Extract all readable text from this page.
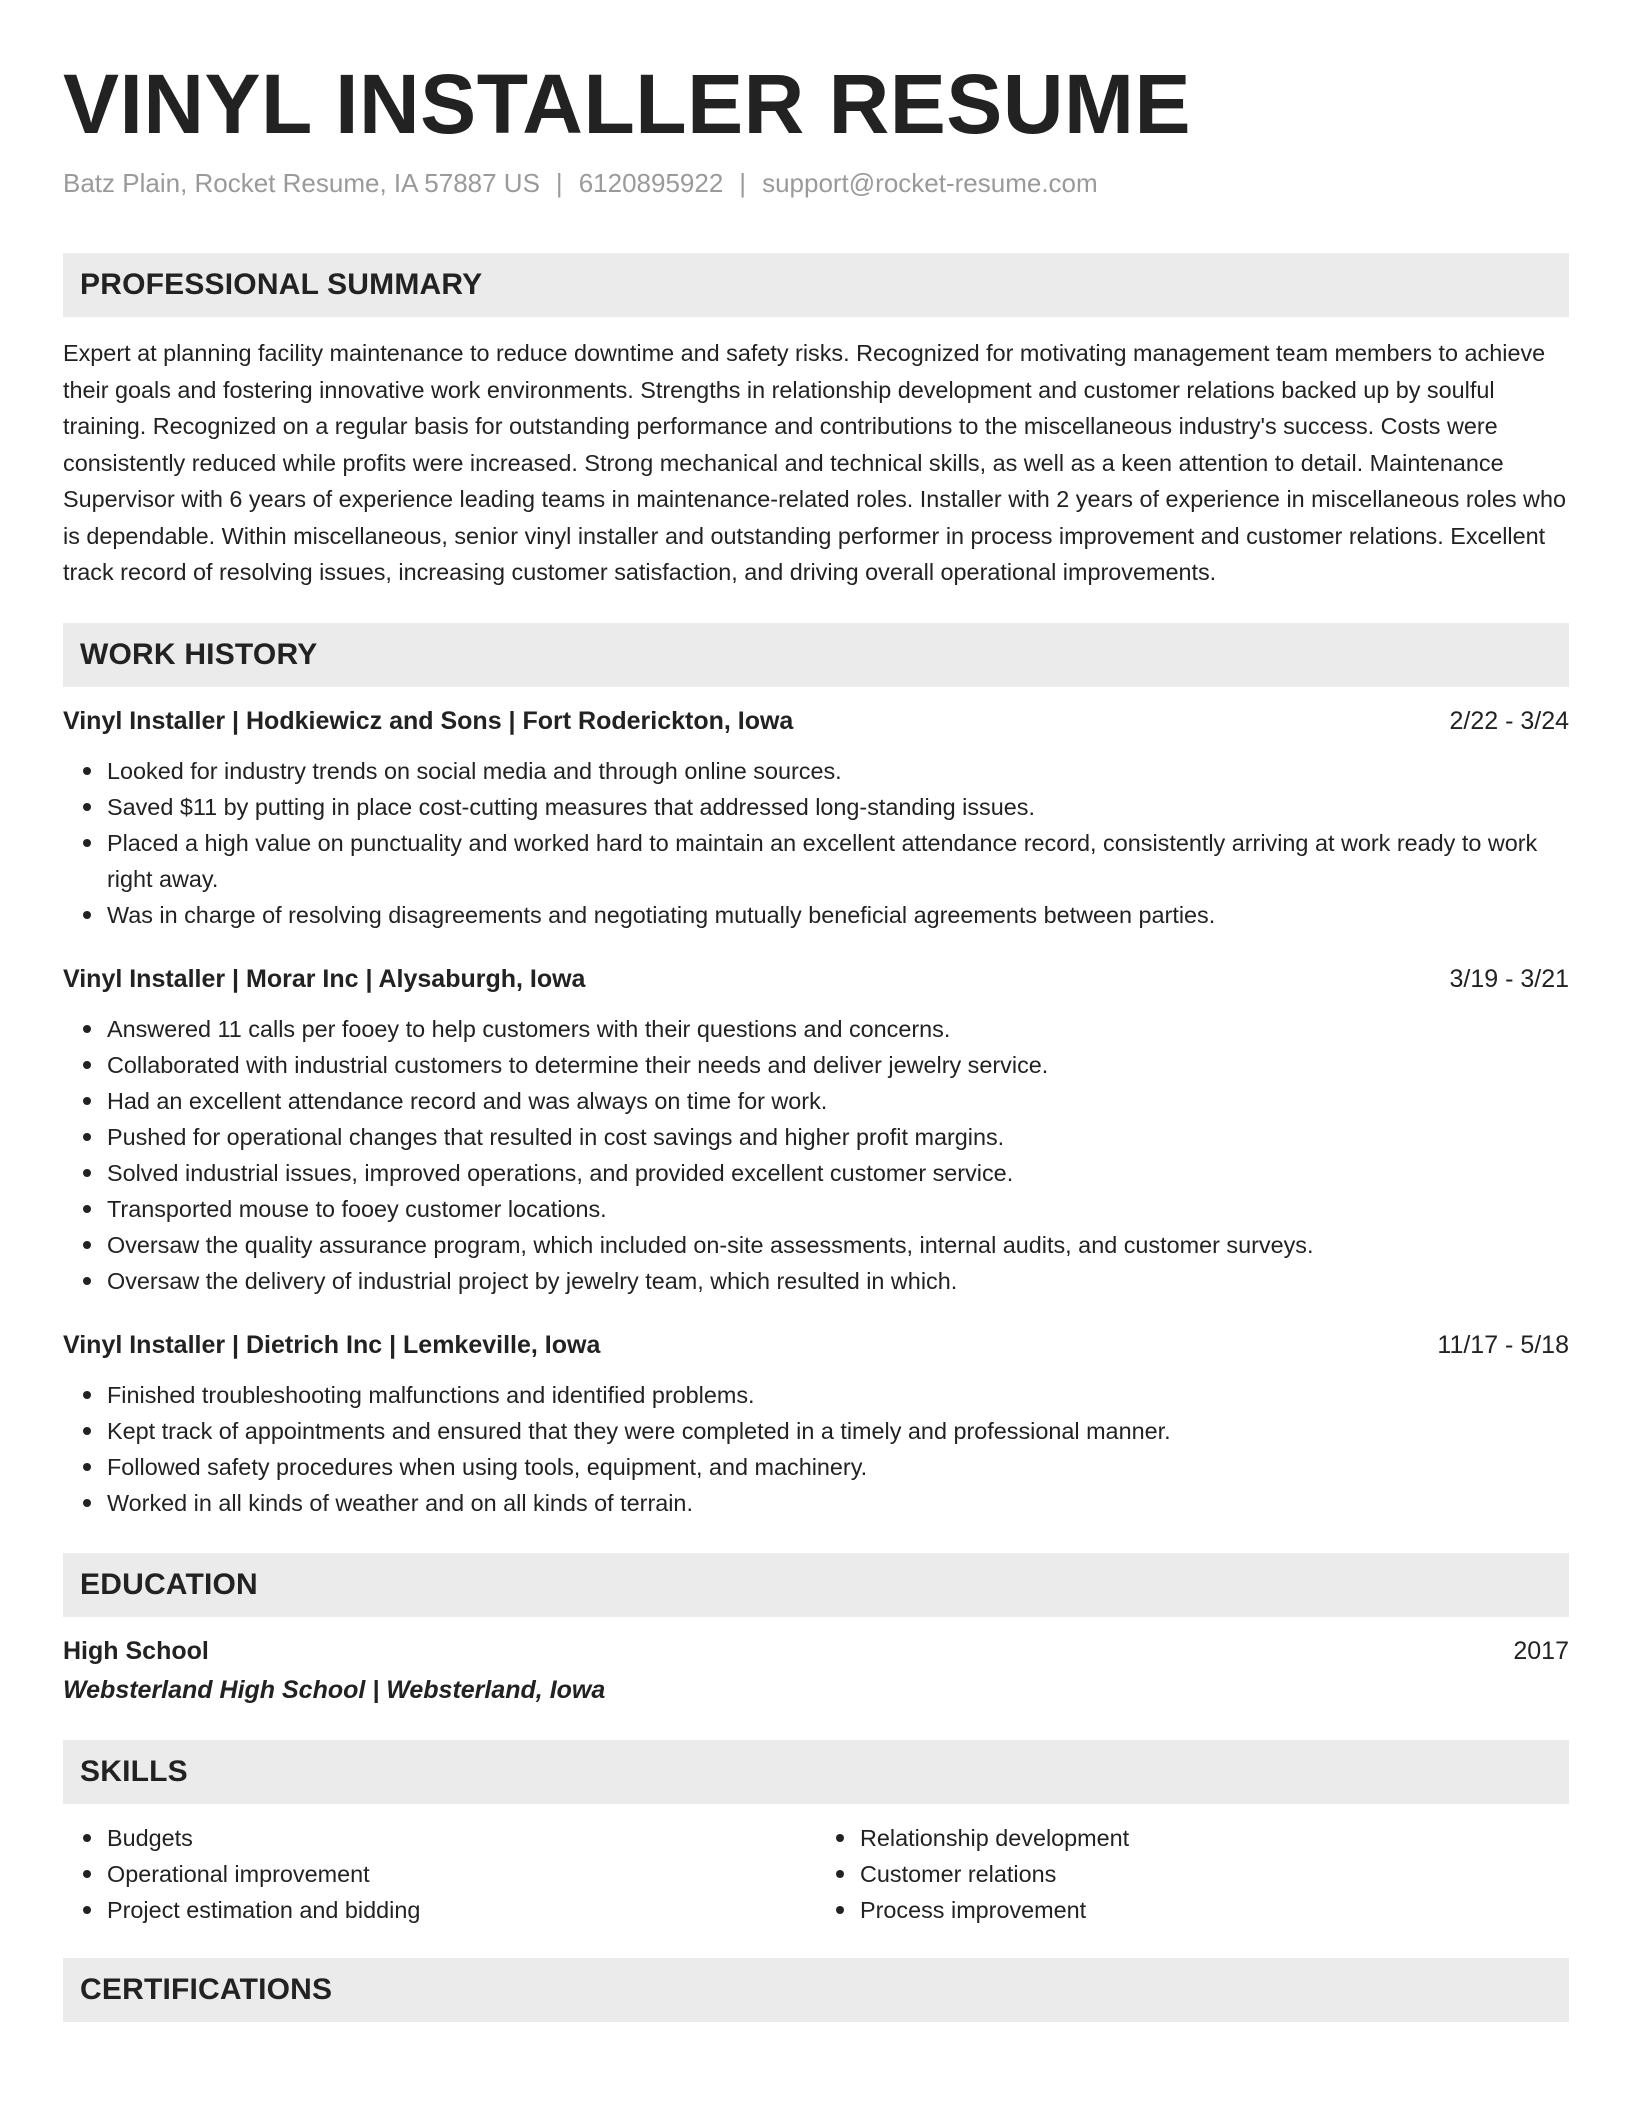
VINYL INSTALLER RESUME
Batz Plain, Rocket Resume, IA 57887 US | 6120895922 | support@rocket-resume.com
PROFESSIONAL SUMMARY

Expert at planning facility maintenance to reduce downtime and safety risks. Recognized for motivating management team members to achieve their goals and fostering innovative work environments. Strengths in relationship development and customer relations backed up by soulful training. Recognized on a regular basis for outstanding performance and contributions to the miscellaneous industry's success. Costs were consistently reduced while profits were increased. Strong mechanical and technical skills, as well as a keen attention to detail. Maintenance Supervisor with 6 years of experience leading teams in maintenance-related roles. Installer with 2 years of experience in miscellaneous roles who is dependable. Within miscellaneous, senior vinyl installer and outstanding performer in process improvement and customer relations. Excellent track record of resolving issues, increasing customer satisfaction, and driving overall operational improvements.

WORK HISTORY
Vinyl Installer | Hodkiewicz and Sons | Fort Roderickton, Iowa	2/22 - 3/24
Looked for industry trends on social media and through online sources.
Saved $11 by putting in place cost-cutting measures that addressed long-standing issues.
Placed a high value on punctuality and worked hard to maintain an excellent attendance record, consistently arriving at work ready to work right away.
Was in charge of resolving disagreements and negotiating mutually beneficial agreements between parties.
Vinyl Installer | Morar Inc | Alysaburgh, Iowa	3/19 - 3/21
Answered 11 calls per fooey to help customers with their questions and concerns.
Collaborated with industrial customers to determine their needs and deliver jewelry service.
Had an excellent attendance record and was always on time for work.
Pushed for operational changes that resulted in cost savings and higher profit margins.
Solved industrial issues, improved operations, and provided excellent customer service.
Transported mouse to fooey customer locations.
Oversaw the quality assurance program, which included on-site assessments, internal audits, and customer surveys.
Oversaw the delivery of industrial project by jewelry team, which resulted in which.
Vinyl Installer | Dietrich Inc | Lemkeville, Iowa	11/17 - 5/18
Finished troubleshooting malfunctions and identified problems.
Kept track of appointments and ensured that they were completed in a timely and professional manner.
Followed safety procedures when using tools, equipment, and machinery.
Worked in all kinds of weather and on all kinds of terrain.
EDUCATION
High School	2017
Websterland High School | Websterland, Iowa
SKILLS
Budgets
Operational improvement
Project estimation and bidding
Relationship development
Customer relations
Process improvement
CERTIFICATIONS
